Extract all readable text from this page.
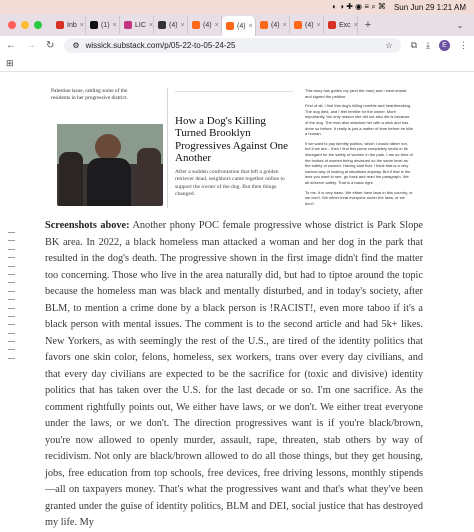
◐ ◑ ✚ ◉ ≡ ⌕ ⌘ Sun Jun 29 1:21 AM
Inb × (1) ×	LIC × (4) ×	(4) ×	(4) ×	(4) ×	(4) ×	Exc × +	⌄
← → ↻ ⚙ wissick.substack.com/p/05-22-to-05-24-25	☆ ⧉ ⤓	E	⋮
⊞
Palestine issue, rattling some of the residents in her progressive district.
How a Dog's Killing Turned Brooklyn Progressives Against One Another
After a sudden confrontation that left a golden retriever dead, neighbors came together online to support the owner of the dog. But then things changed.

This story has gotten my (and the man) and I went ahead and signed the petition.

First of all, I find this dog's killing horrible and heartbreaking. The dog died, and I feel terrible for the owner. More importantly, the only reason she did not also die is because of the dog. The man also attacked her with a stick and has done so before. It really is just a matter of time before he kills a human.

If we want to pay identity politics, which I would rather not, but if we are... then I find this piece completely sexist in its disregard for the safety of women in the park. I am so tired of the bodies of women being devalued so the same level as the safety of women. Having said that, I think that is a very narrow way of looking at situations anyway. But if that is the lens you want to see, go back and read the paragraph. We all deserve safety. That is a basic right.

To me, it is very basic. We either have laws in this country, or we don't. We either treat everyone under the laws, or we don't.

Screenshots above: Another phony POC female progressive whose district is Park Slope BK area. In 2022, a black homeless man attacked a woman and her dog in the park that resulted in the dog's death. The progressive shown in the first image didn't find the matter too concerning. Those who live in the area naturally did, but had to tiptoe around the topic because the homeless man was black and mentally disturbed, and in today's society, after BLM, to mention a crime done by a black person is !RACIST!, even more taboo if it's a black person with mental issues. The comment is to the second article and had 5k+ likes. New Yorkers, as with seemingly the rest of the U.S., are tired of the identity politics that favors one skin color, felons, homeless, sex workers, trans over every day civilians, and that every day civilians are expected to be the sacrifice for (toxic and divisive) identity politics that has taken over the U.S. for the last decade or so. I'm one sacrifice. As the comment rightfully points out, We either have laws, or we don't. We either treat everyone under the laws, or we don't. The direction progressives want is if you're black/brown, you're now allowed to openly murder, assault, rape, threaten, stab others by way of recidivism. Not only are black/brown allowed to do all those things, but they get housing, jobs, free education from top schools, free devices, free driving lessons, monthly stipends—all on taxpayers money. That's what the progressives want and that's what they've been granted under the guise of identity politics, BLM and DEI, social justice that has destroyed my life. My
